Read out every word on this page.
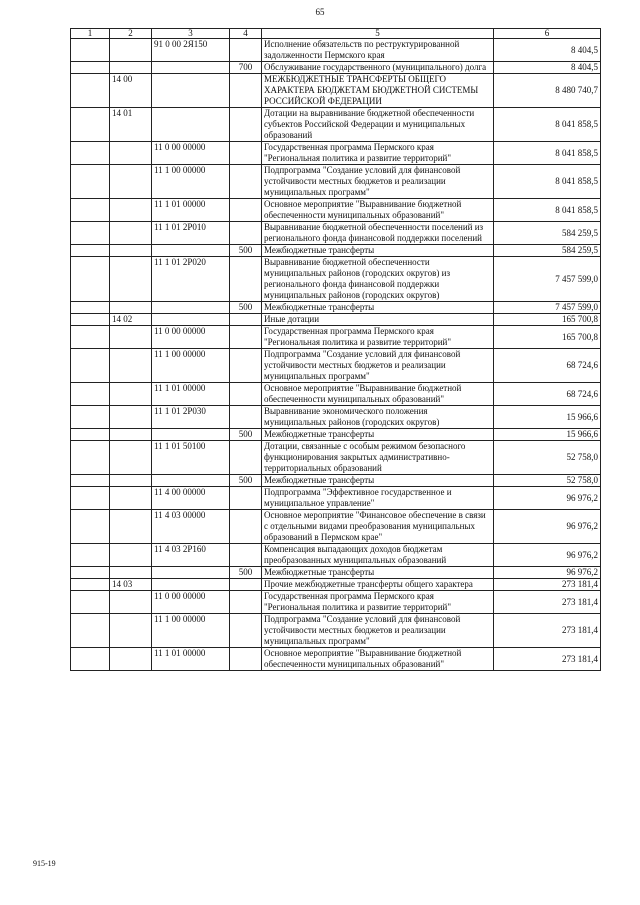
65
1	2	3	4	5	6
		91 0 00 2Я150		Исполнение обязательств по реструктурированной задолженности Пермского края	8 404,5
			700	Обслуживание государственного (муниципального) долга	8 404,5
	14 00			МЕЖБЮДЖЕТНЫЕ ТРАНСФЕРТЫ ОБЩЕГО ХАРАКТЕРА БЮДЖЕТАМ БЮДЖЕТНОЙ СИСТЕМЫ РОССИЙСКОЙ ФЕДЕРАЦИИ	8 480 740,7
	14 01			Дотации на выравнивание бюджетной обеспеченности субъектов Российской Федерации и муниципальных образований	8 041 858,5
		11 0 00 00000		Государственная программа Пермского края "Региональная политика и развитие территорий"	8 041 858,5
		11 1 00 00000		Подпрограмма "Создание условий для финансовой устойчивости местных бюджетов и реализации муниципальных программ"	8 041 858,5
		11 1 01 00000		Основное мероприятие "Выравнивание бюджетной обеспеченности муниципальных образований"	8 041 858,5
		11 1 01 2Р010		Выравнивание бюджетной обеспеченности поселений из регионального фонда финансовой поддержки поселений	584 259,5
			500	Межбюджетные трансферты	584 259,5
		11 1 01 2Р020		Выравнивание бюджетной обеспеченности муниципальных районов (городских округов) из регионального фонда финансовой поддержки муниципальных районов (городских округов)	7 457 599,0
			500	Межбюджетные трансферты	7 457 599,0
	14 02			Иные дотации	165 700,8
		11 0 00 00000		Государственная программа Пермского края "Региональная политика и развитие территорий"	165 700,8
		11 1 00 00000		Подпрограмма "Создание условий для финансовой устойчивости местных бюджетов и реализации муниципальных программ"	68 724,6
		11 1 01 00000		Основное мероприятие "Выравнивание бюджетной обеспеченности муниципальных образований"	68 724,6
		11 1 01 2Р030		Выравнивание экономического положения муниципальных районов (городских округов)	15 966,6
			500	Межбюджетные трансферты	15 966,6
		11 1 01 50100		Дотации, связанные с особым режимом безопасного функционирования закрытых административно-территориальных образований	52 758,0
			500	Межбюджетные трансферты	52 758,0
		11 4 00 00000		Подпрограмма "Эффективное государственное и муниципальное управление"	96 976,2
		11 4 03 00000		Основное мероприятие "Финансовое обеспечение в связи с отдельными видами преобразования муниципальных образований в Пермском крае"	96 976,2
		11 4 03 2Р160		Компенсация выпадающих доходов бюджетам преобразованных муниципальных образований	96 976,2
			500	Межбюджетные трансферты	96 976,2
	14 03			Прочие межбюджетные трансферты общего характера	273 181,4
		11 0 00 00000		Государственная программа Пермского края "Региональная политика и развитие территорий"	273 181,4
		11 1 00 00000		Подпрограмма "Создание условий для финансовой устойчивости местных бюджетов и реализации муниципальных программ"	273 181,4
		11 1 01 00000		Основное мероприятие "Выравнивание бюджетной обеспеченности муниципальных образований"	273 181,4
915-19
